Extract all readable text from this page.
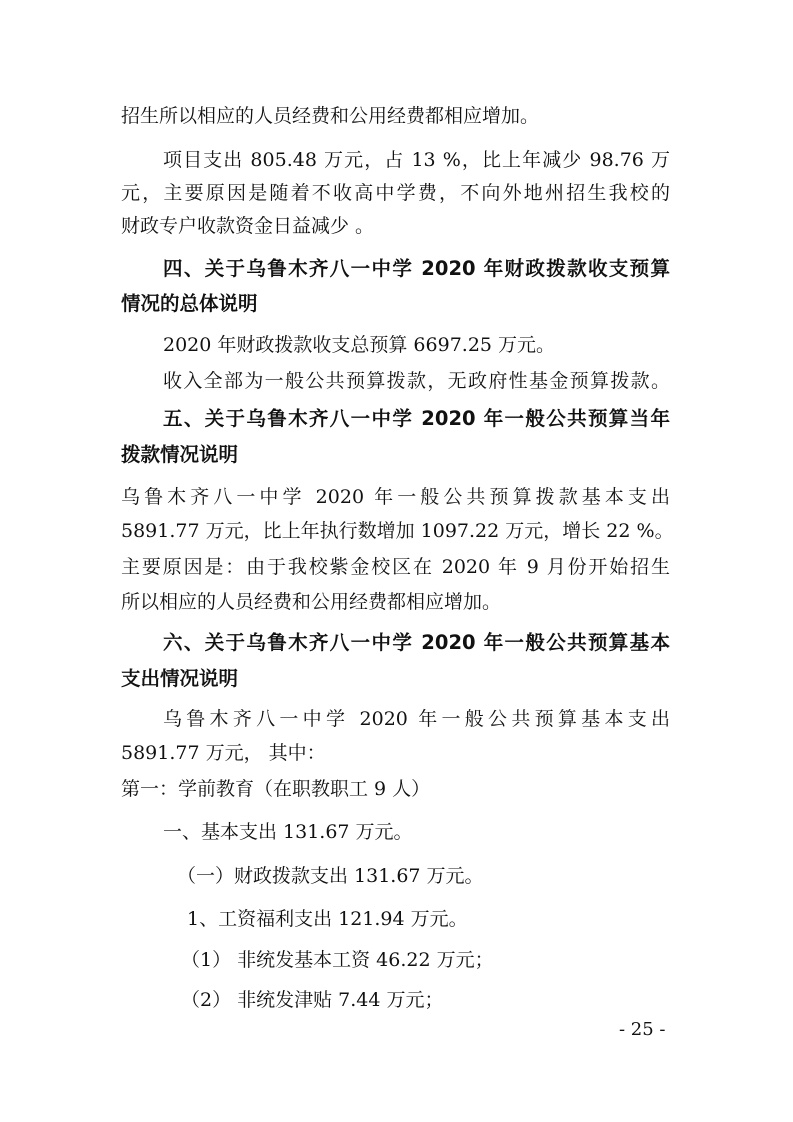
招生所以相应的人员经费和公用经费都相应增加。
项目支出 805.48 万元，占 13 %，比上年减少 98.76 万
元，主要原因是随着不收高中学费，不向外地州招生我校的
财政专户收款资金日益减少 。
四、关于乌鲁木齐八一中学 2020 年财政拨款收支预算
情况的总体说明
2020 年财政拨款收支总预算 6697.25 万元。
收入全部为一般公共预算拨款，无政府性基金预算拨款。
五、关于乌鲁木齐八一中学 2020 年一般公共预算当年
拨款情况说明
乌鲁木齐八一中学 2020 年一般公共预算拨款基本支出
5891.77 万元，比上年执行数增加 1097.22 万元，增长 22 %。
主要原因是：由于我校紫金校区在 2020 年 9 月份开始招生
所以相应的人员经费和公用经费都相应增加。
六、关于乌鲁木齐八一中学 2020 年一般公共预算基本
支出情况说明
乌鲁木齐八一中学 2020 年一般公共预算基本支出
5891.77 万元， 其中：
第一：学前教育（在职教职工 9 人）
一、基本支出 131.67 万元。
（一）财政拨款支出 131.67 万元。
1、工资福利支出 121.94 万元。
（1） 非统发基本工资 46.22 万元；
（2） 非统发津贴 7.44 万元；
- 25 -
